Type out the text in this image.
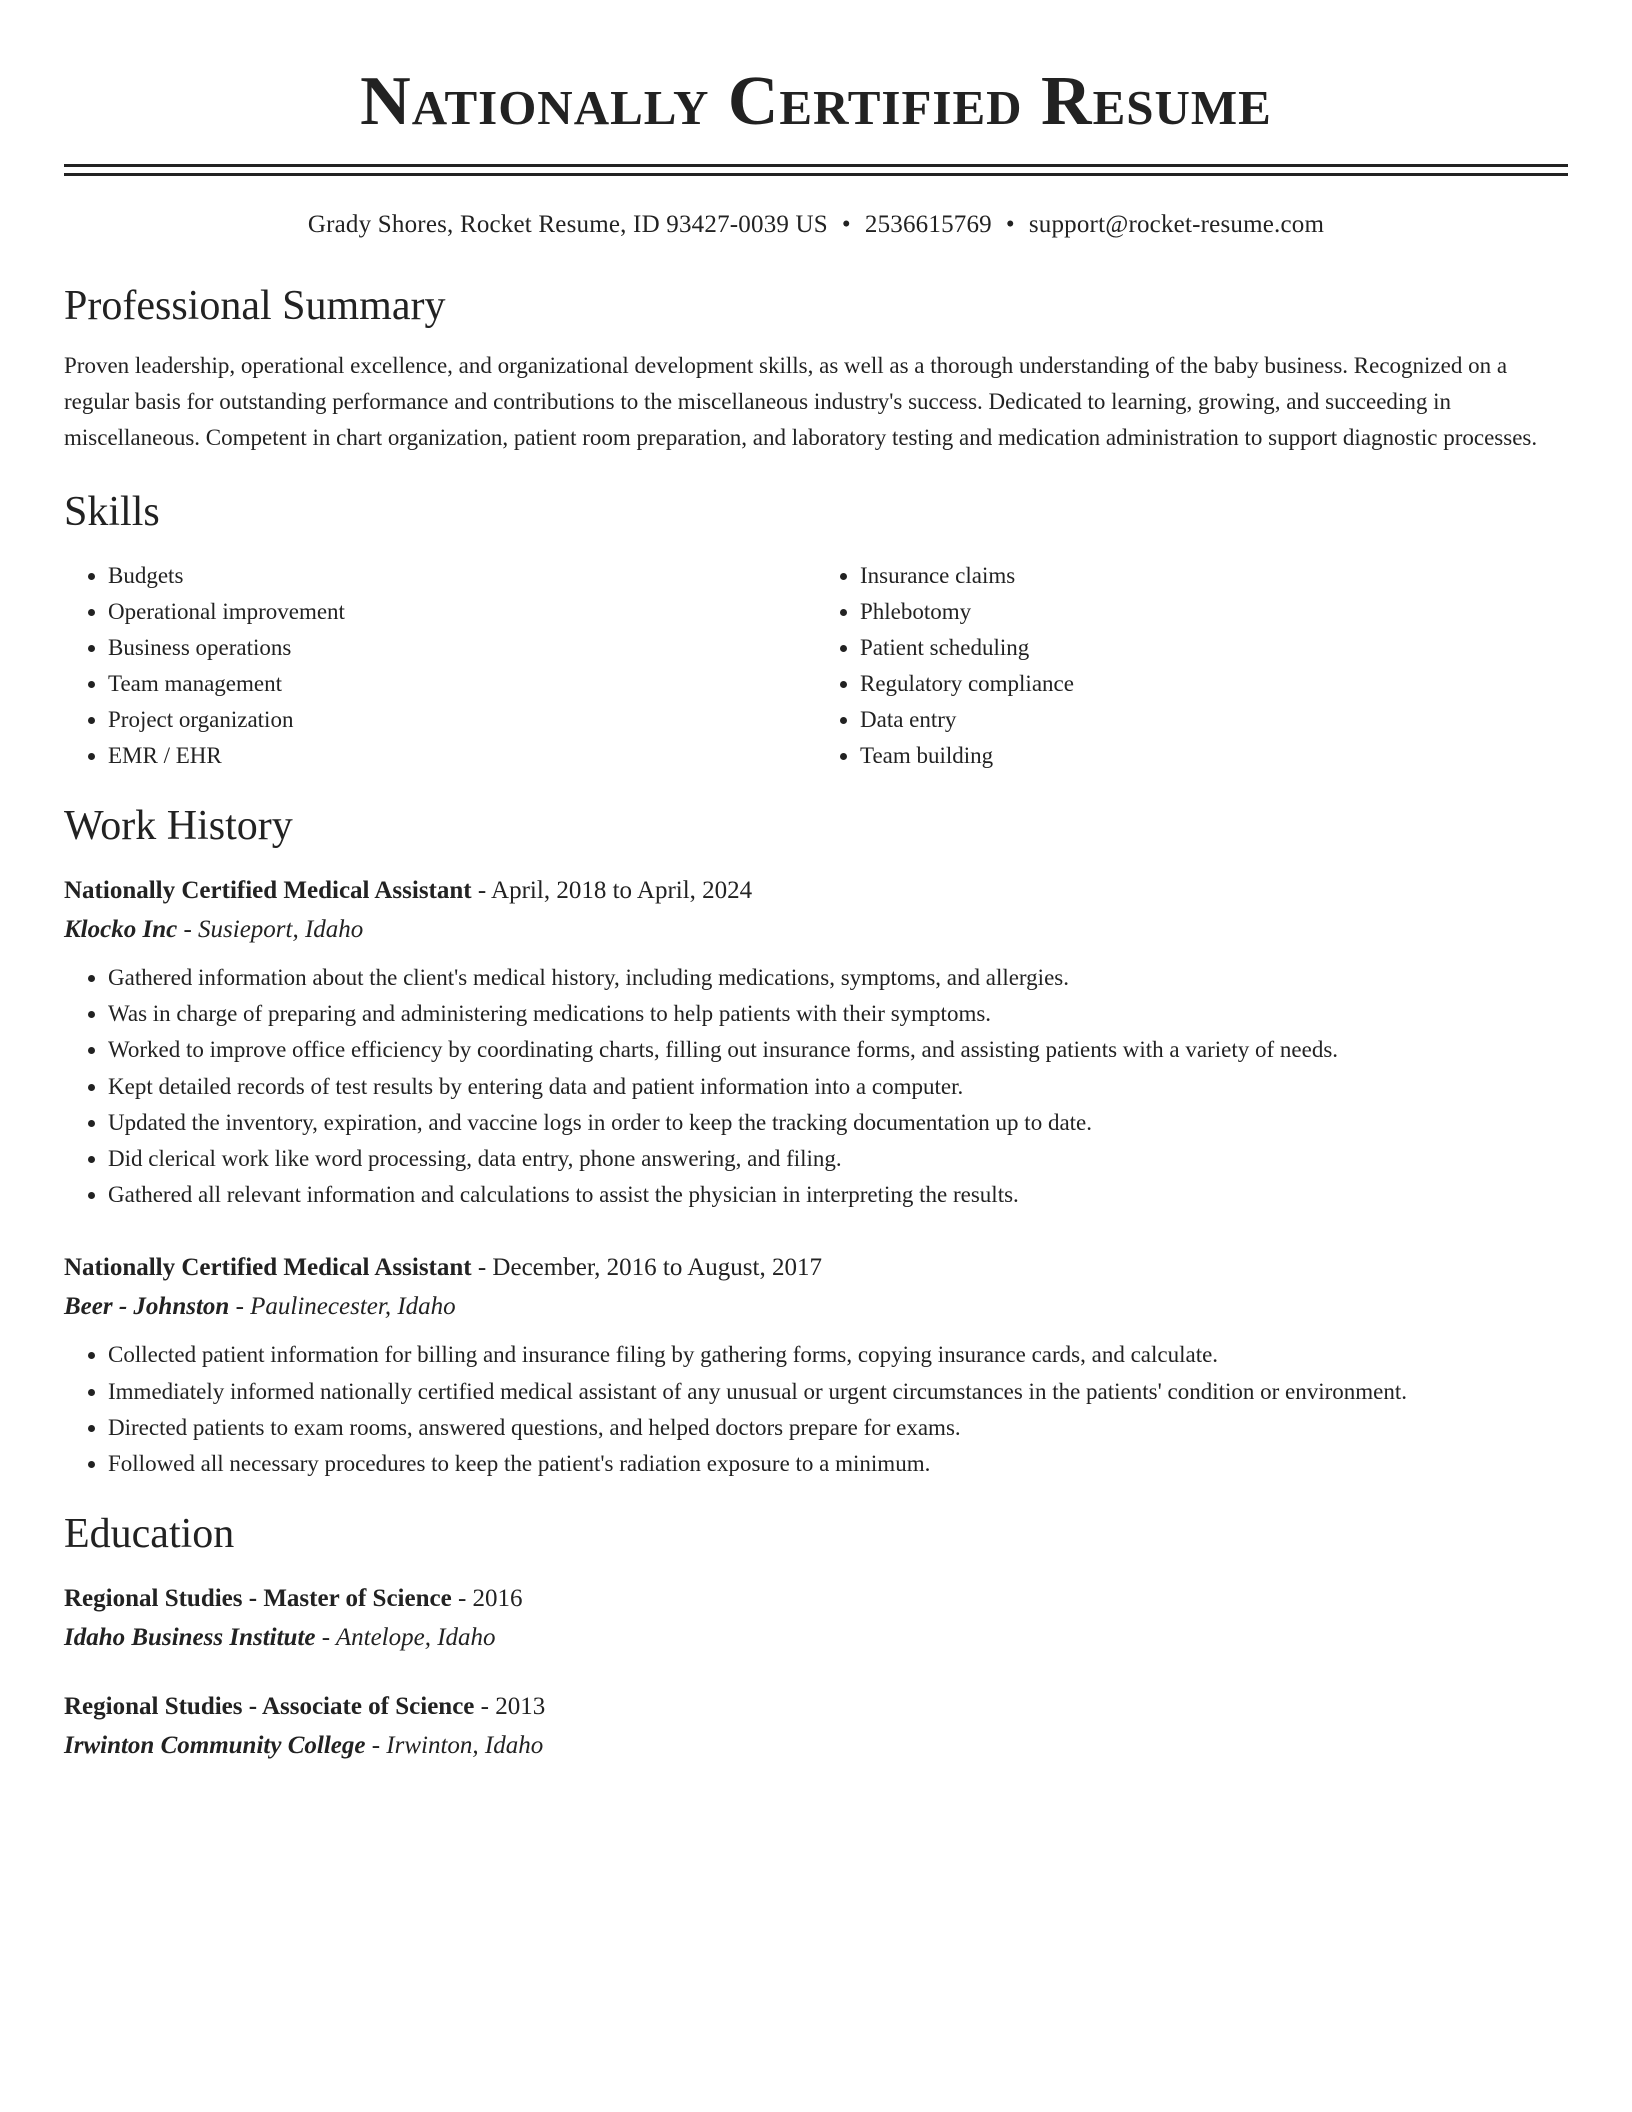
Nationally Certified Resume
Grady Shores, Rocket Resume, ID 93427-0039 US • 2536615769 • support@rocket-resume.com
Professional Summary

Proven leadership, operational excellence, and organizational development skills, as well as a thorough understanding of the baby business. Recognized on a regular basis for outstanding performance and contributions to the miscellaneous industry's success. Dedicated to learning, growing, and succeeding in miscellaneous. Competent in chart organization, patient room preparation, and laboratory testing and medication administration to support diagnostic processes.

Skills
• Budgets
• Operational improvement
• Business operations
• Team management
• Project organization
• EMR / EHR
• Insurance claims
• Phlebotomy
• Patient scheduling
• Regulatory compliance
• Data entry
• Team building
Work History
Nationally Certified Medical Assistant - April, 2018 to April, 2024
Klocko Inc - Susieport, Idaho
• Gathered information about the client's medical history, including medications, symptoms, and allergies.
• Was in charge of preparing and administering medications to help patients with their symptoms.
• Worked to improve office efficiency by coordinating charts, filling out insurance forms, and assisting patients with a variety of needs.
• Kept detailed records of test results by entering data and patient information into a computer.
• Updated the inventory, expiration, and vaccine logs in order to keep the tracking documentation up to date.
• Did clerical work like word processing, data entry, phone answering, and filing.
• Gathered all relevant information and calculations to assist the physician in interpreting the results.
Nationally Certified Medical Assistant - December, 2016 to August, 2017
Beer - Johnston - Paulinecester, Idaho
• Collected patient information for billing and insurance filing by gathering forms, copying insurance cards, and calculate.
• Immediately informed nationally certified medical assistant of any unusual or urgent circumstances in the patients' condition or environment.
• Directed patients to exam rooms, answered questions, and helped doctors prepare for exams.
• Followed all necessary procedures to keep the patient's radiation exposure to a minimum.
Education
Regional Studies - Master of Science - 2016
Idaho Business Institute - Antelope, Idaho
Regional Studies - Associate of Science - 2013
Irwinton Community College - Irwinton, Idaho
